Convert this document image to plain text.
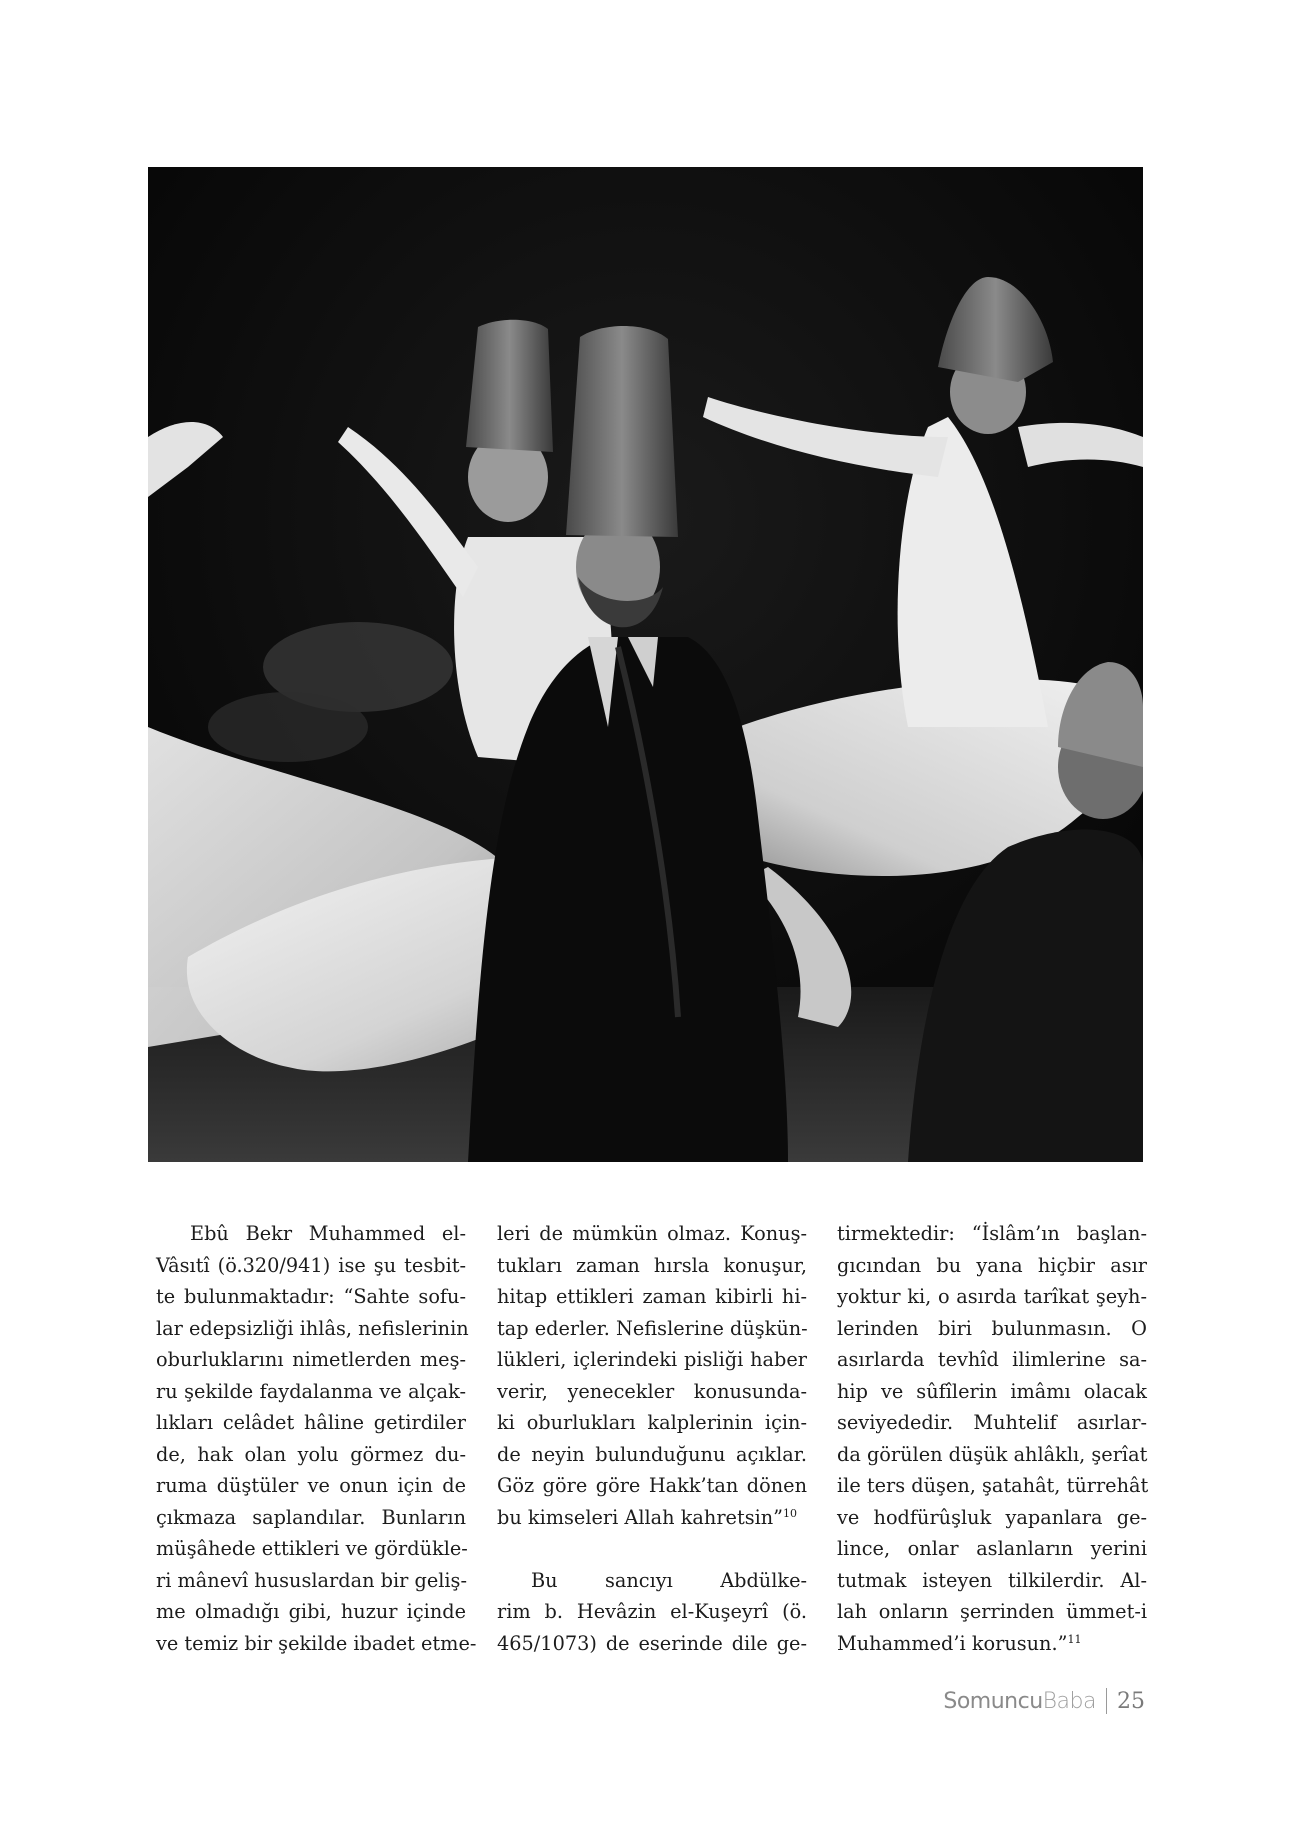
Ebû Bekr Muhammed el-
Vâsıtî (ö.320/941) ise şu tesbit-
te bulunmaktadır: “Sahte sofu-
lar edepsizliği ihlâs, nefislerinin
oburluklarını nimetlerden meş-
ru şekilde faydalanma ve alçak-
lıkları celâdet hâline getirdiler
de, hak olan yolu görmez du-
ruma düştüler ve onun için de
çıkmaza saplandılar. Bunların
müşâhede ettikleri ve gördükle-
ri mânevî hususlardan bir geliş-
me olmadığı gibi, huzur içinde
ve temiz bir şekilde ibadet etme-

leri de mümkün olmaz. Konuş-
tukları zaman hırsla konuşur,
hitap ettikleri zaman kibirli hi-
tap ederler. Nefislerine düşkün-
lükleri, içlerindeki pisliği haber
verir, yenecekler konusunda-
ki oburlukları kalplerinin için-
de neyin bulunduğunu açıklar.
Göz göre göre Hakk’tan dönen
bu kimseleri Allah kahretsin”$^{10}$

Bu sancıyı Abdülke-
rim b. Hevâzin el-Kuşeyrî (ö.
465/1073) de eserinde dile ge-

tirmektedir: “İslâm’ın başlan-
gıcından bu yana hiçbir asır
yoktur ki, o asırda tarîkat şeyh-
lerinden biri bulunmasın. O
asırlarda tevhîd ilimlerine sa-
hip ve sûfîlerin imâmı olacak
seviyededir. Muhtelif asırlar-
da görülen düşük ahlâklı, şerîat
ile ters düşen, şatahât, türrehât
ve hodfürûşluk yapanlara ge-
lince, onlar aslanların yerini
tutmak isteyen tilkilerdir. Al-
lah onların şerrinden ümmet-i
Muhammed’i korusun.”$^{11}$

SomuncuBaba 25
